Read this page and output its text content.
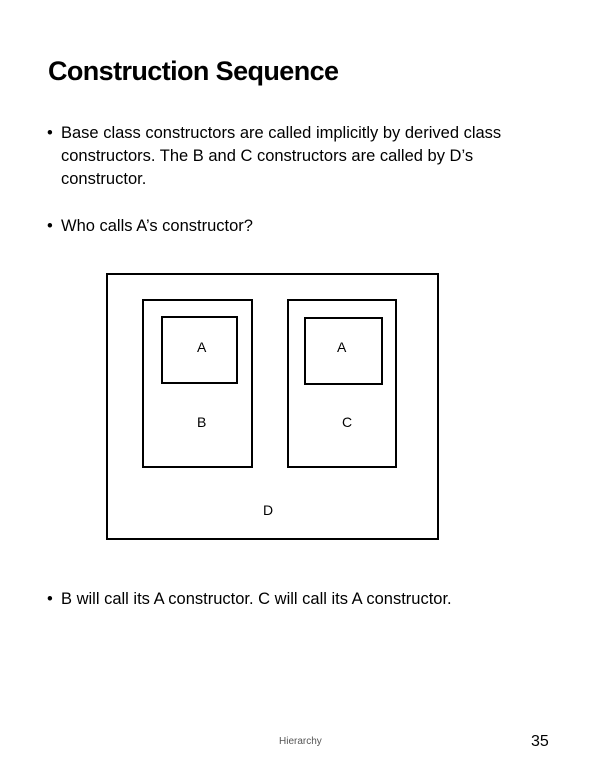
Construction Sequence
• Base class constructors are called implicitly by derived class
constructors. The B and C constructors are called by D’s
constructor.
• Who calls A’s constructor?
A	A
B	C
D
• B will call its A constructor. C will call its A constructor.
Hierarchy	35
